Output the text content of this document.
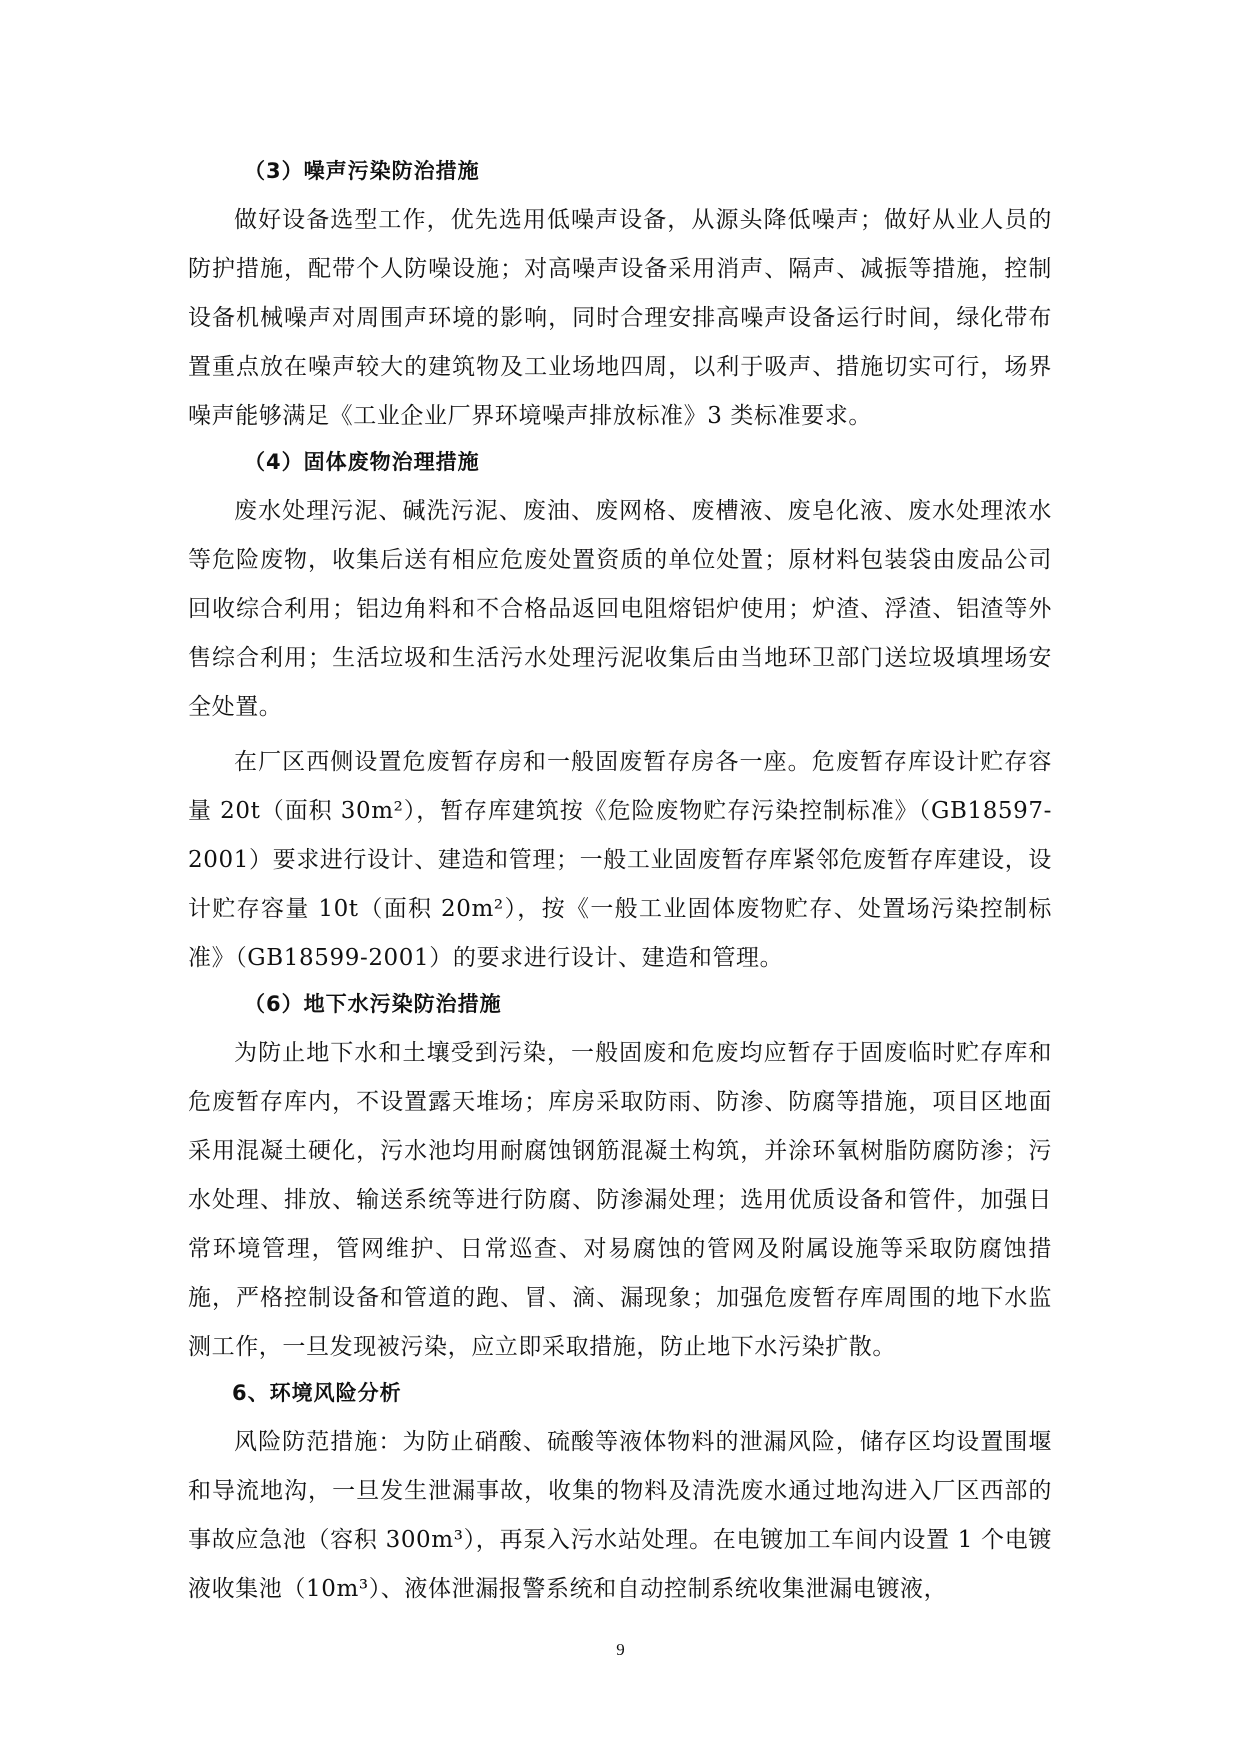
（3）噪声污染防治措施

做好设备选型工作，优先选用低噪声设备，从源头降低噪声；做好从业人员的防护措施，配带个人防噪设施；对高噪声设备采用消声、隔声、减振等措施，控制设备机械噪声对周围声环境的影响，同时合理安排高噪声设备运行时间，绿化带布置重点放在噪声较大的建筑物及工业场地四周，以利于吸声、措施切实可行，场界噪声能够满足《工业企业厂界环境噪声排放标准》3 类标准要求。

（4）固体废物治理措施

废水处理污泥、碱洗污泥、废油、废网格、废槽液、废皂化液、废水处理浓水等危险废物，收集后送有相应危废处置资质的单位处置；原材料包装袋由废品公司回收综合利用；铝边角料和不合格品返回电阻熔铝炉使用；炉渣、浮渣、铝渣等外售综合利用；生活垃圾和生活污水处理污泥收集后由当地环卫部门送垃圾填埋场安全处置。

在厂区西侧设置危废暂存房和一般固废暂存房各一座。危废暂存库设计贮存容量 20t（面积 30m²），暂存库建筑按《危险废物贮存污染控制标准》（GB18597-2001）要求进行设计、建造和管理；一般工业固废暂存库紧邻危废暂存库建设，设计贮存容量 10t（面积 20m²），按《一般工业固体废物贮存、处置场污染控制标准》（GB18599-2001）的要求进行设计、建造和管理。

（6）地下水污染防治措施

为防止地下水和土壤受到污染，一般固废和危废均应暂存于固废临时贮存库和危废暂存库内，不设置露天堆场；库房采取防雨、防渗、防腐等措施，项目区地面采用混凝土硬化，污水池均用耐腐蚀钢筋混凝土构筑，并涂环氧树脂防腐防渗；污水处理、排放、输送系统等进行防腐、防渗漏处理；选用优质设备和管件，加强日常环境管理，管网维护、日常巡查、对易腐蚀的管网及附属设施等采取防腐蚀措施，严格控制设备和管道的跑、冒、滴、漏现象；加强危废暂存库周围的地下水监测工作，一旦发现被污染，应立即采取措施，防止地下水污染扩散。

6、环境风险分析

风险防范措施：为防止硝酸、硫酸等液体物料的泄漏风险，储存区均设置围堰和导流地沟，一旦发生泄漏事故，收集的物料及清洗废水通过地沟进入厂区西部的事故应急池（容积 300m³），再泵入污水站处理。在电镀加工车间内设置 1 个电镀液收集池（10m³）、液体泄漏报警系统和自动控制系统收集泄漏电镀液，

9
